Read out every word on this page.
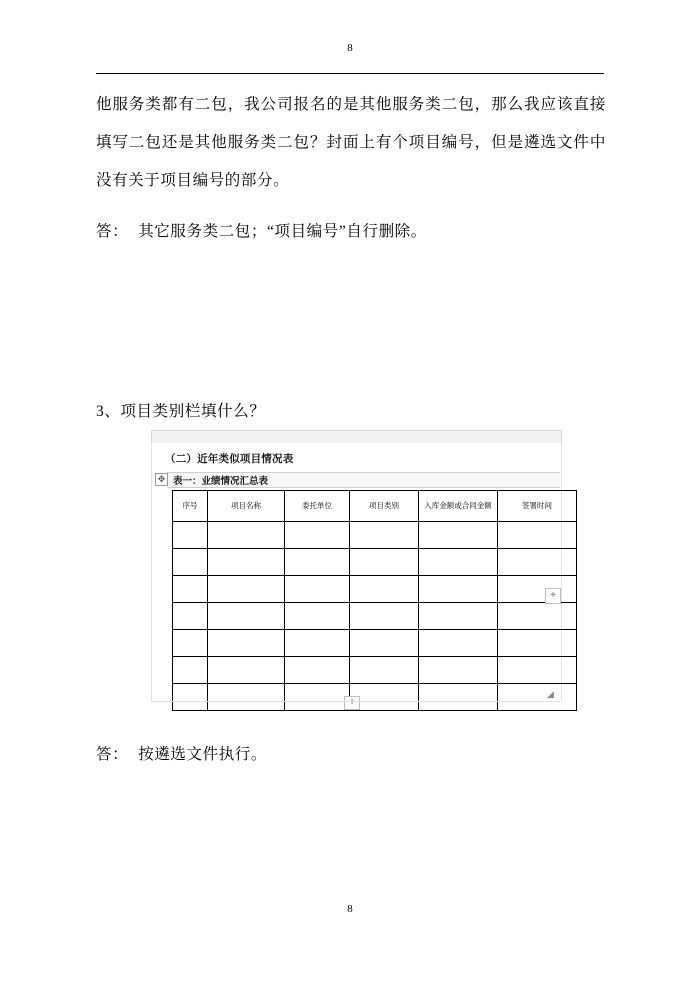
8
他服务类都有二包，我公司报名的是其他服务类二包，那么我应该直接填写二包还是其他服务类二包？封面上有个项目编号，但是遴选文件中没有关于项目编号的部分。
答： 其它服务类二包；“项目编号”自行删除。
3、项目类别栏填什么？
（二）近年类似项目情况表
✥ 表一：业绩情况汇总表
序号	项目名称	委托单位	项目类别	入库金额或合同金额	签署时间

+
+
◢
答： 按遴选文件执行。
8
